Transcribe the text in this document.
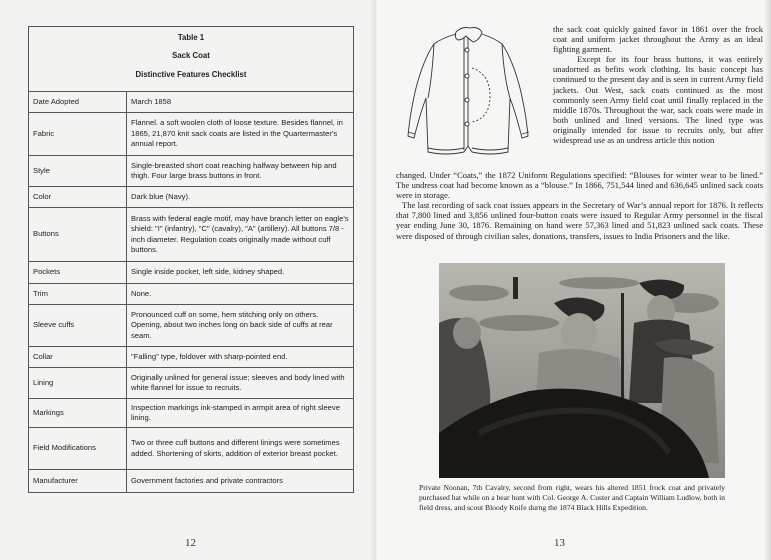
Table 1
Sack Coat
Distinctive Features Checklist	

Date Adopted	March 1858
Fabric	Flannel. a soft woolen cloth of loose texture. Besides flannel, in 1865, 21,870 knit sack coats are listed in the Quartermaster's annual report.
Style	Single-breasted short coat reaching halfway between hip and thigh. Four large brass buttons in front.
Color	Dark blue (Navy).
Buttons	Brass with federal eagle motif, may have branch letter on eagle's shield: "I" (infantry), "C" (cavalry), "A" (artillery). All buttons 7/8 -inch diameter. Regulation coats originally made without cuff buttons.
Pockets	Single inside pocket, left side, kidney shaped.
Trim	None.
Sleeve cuffs	Pronounced cuff on some, hem stitching only on others. Opening, about two inches long on back side of cuffs at rear seam.
Collar	"Falling" type, foldover with sharp-pointed end.
Lining	Originally unlined for general issue; sleeves and body lined with white flannel for issue to recruits.
Markings	Inspection markings ink-stamped in armpit area of right sleeve lining.
Field Modifications	Two or three cuff buttons and different linings were sometimes added. Shortening of skirts, addition of exterior breast pocket.
Manufacturer	Government factories and private contractors
12

the sack coat quickly gained favor in 1861 over the frock coat and uniform jacket throughout the Army as an ideal fighting garment.

Except for its four brass buttons, it was entirely unadorned as befits work clothing. Its basic concept has continued to the present day and is seen in current Army field jackets. Out West, sack coats continued as the most commonly seen Army field coat until finally replaced in the middle 1870s. Throughout the war, sack coats were made in both unlined and lined versions. The lined type was originally intended for issue to recruits only, but after widespread use as an undress article this notion

changed. Under “Coats,” the 1872 Uniform Regulations specified: “Blouses for winter wear to be lined.” The undress coat had become known as a “blouse.” In 1866, 751,544 lined and 636,645 unlined sack coats were in storage.

The last recording of sack coat issues appears in the Secretary of War’s annual report for 1876. It reflects that 7,800 lined and 3,856 unlined four-button coats were issued to Regular Army personnel in the fiscal year ending June 30, 1876. Remaining on hand were 57,363 lined and 51,823 unlined sack coats. These were disposed of through civilian sales, donations, transfers, issues to India Prisoners and the like.

Private Noonan, 7th Cavalry, second from right, wears his altered 1851 frock coat and privately purchased hat while on a bear hunt with Col. George A. Custer and Captain William Ludlow, both in field dress, and scout Bloody Knife durng the 1874 Black Hills Expedition.
13
